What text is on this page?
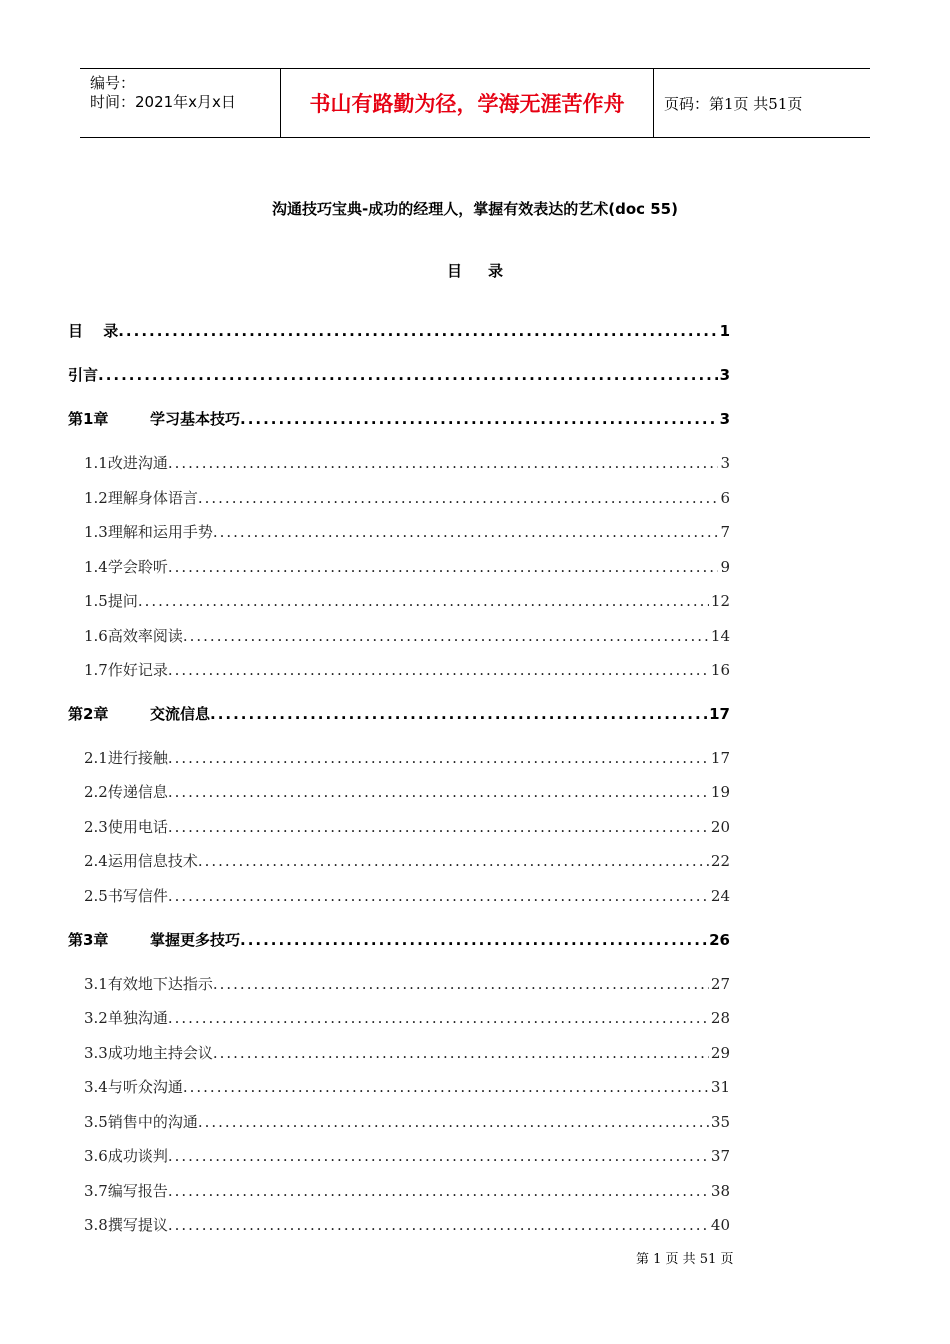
编号：
时间：2021年x月x日	书山有路勤为径，学海无涯苦作舟	页码：第1页 共51页
沟通技巧宝典-成功的经理人，掌握有效表达的艺术(doc 55)
目录
目　 录 .....	1
引言 .....	3
第1章	学习基本技巧 .....	3
1.1改进沟通 .....	3
1.2理解身体语言 .....	6
1.3理解和运用手势 .....	7
1.4学会聆听 .....	9
1.5提问 .....	12
1.6高效率阅读 .....	14
1.7作好记录 .....	16
第2章	交流信息 .....	17
2.1进行接触 .....	17
2.2传递信息 .....	19
2.3使用电话 .....	20
2.4运用信息技术 .....	22
2.5书写信件 .....	24
第3章	掌握更多技巧 .....	26
3.1有效地下达指示 .....	27
3.2单独沟通 .....	28
3.3成功地主持会议 .....	29
3.4与听众沟通 .....	31
3.5销售中的沟通 .....	35
3.6成功谈判 .....	37
3.7编写报告 .....	38
3.8撰写提议 .....	40
第 1 页 共 51 页
